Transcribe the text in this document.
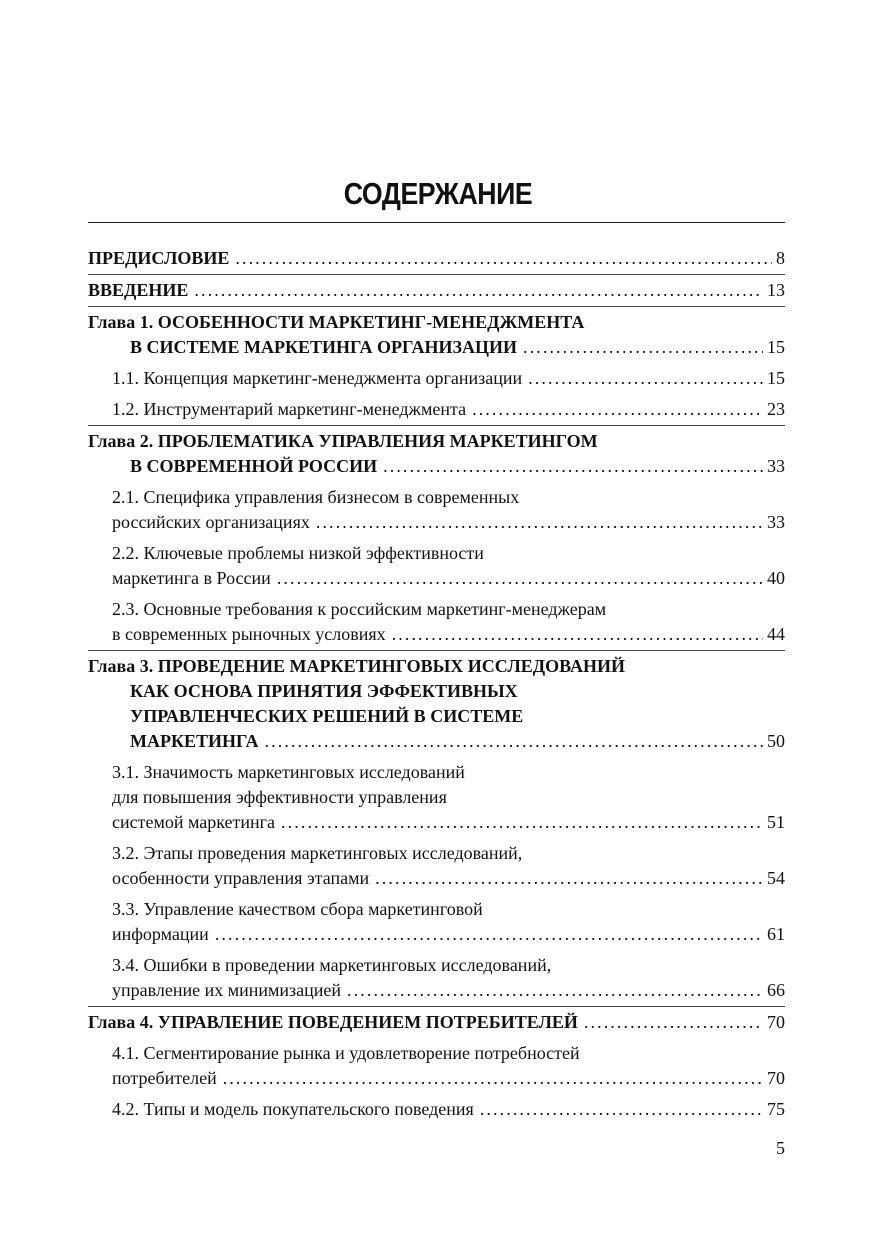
СОДЕРЖАНИЕ
ПРЕДИСЛОВИЕ . . .	8
ВВЕДЕНИЕ . . .	13
Глава 1. ОСОБЕННОСТИ МАРКЕТИНГ-МЕНЕДЖМЕНТА
В СИСТЕМЕ МАРКЕТИНГА ОРГАНИЗАЦИИ . . .	15
1.1. Концепция маркетинг-менеджмента организации . . .	15
1.2. Инструментарий маркетинг-менеджмента . . .	23
Глава 2. ПРОБЛЕМАТИКА УПРАВЛЕНИЯ МАРКЕТИНГОМ
В СОВРЕМЕННОЙ РОССИИ . . .	33
2.1. Специфика управления бизнесом в современных
российских организациях . . .	33
2.2. Ключевые проблемы низкой эффективности
маркетинга в России . . .	40
2.3. Основные требования к российским маркетинг-менеджерам
в современных рыночных условиях . . .	44
Глава 3. ПРОВЕДЕНИЕ МАРКЕТИНГОВЫХ ИССЛЕДОВАНИЙ
КАК ОСНОВА ПРИНЯТИЯ ЭФФЕКТИВНЫХ
УПРАВЛЕНЧЕСКИХ РЕШЕНИЙ В СИСТЕМЕ
МАРКЕТИНГА . . .	50
3.1. Значимость маркетинговых исследований
для повышения эффективности управления
системой маркетинга . . .	51
3.2. Этапы проведения маркетинговых исследований,
особенности управления этапами . . .	54
3.3. Управление качеством сбора маркетинговой
информации . . .	61
3.4. Ошибки в проведении маркетинговых исследований,
управление их минимизацией . . .	66
Глава 4. УПРАВЛЕНИЕ ПОВЕДЕНИЕМ ПОТРЕБИТЕЛЕЙ . . .	70
4.1. Сегментирование рынка и удовлетворение потребностей
потребителей . . .	70
4.2. Типы и модель покупательского поведения . . .	75
5
